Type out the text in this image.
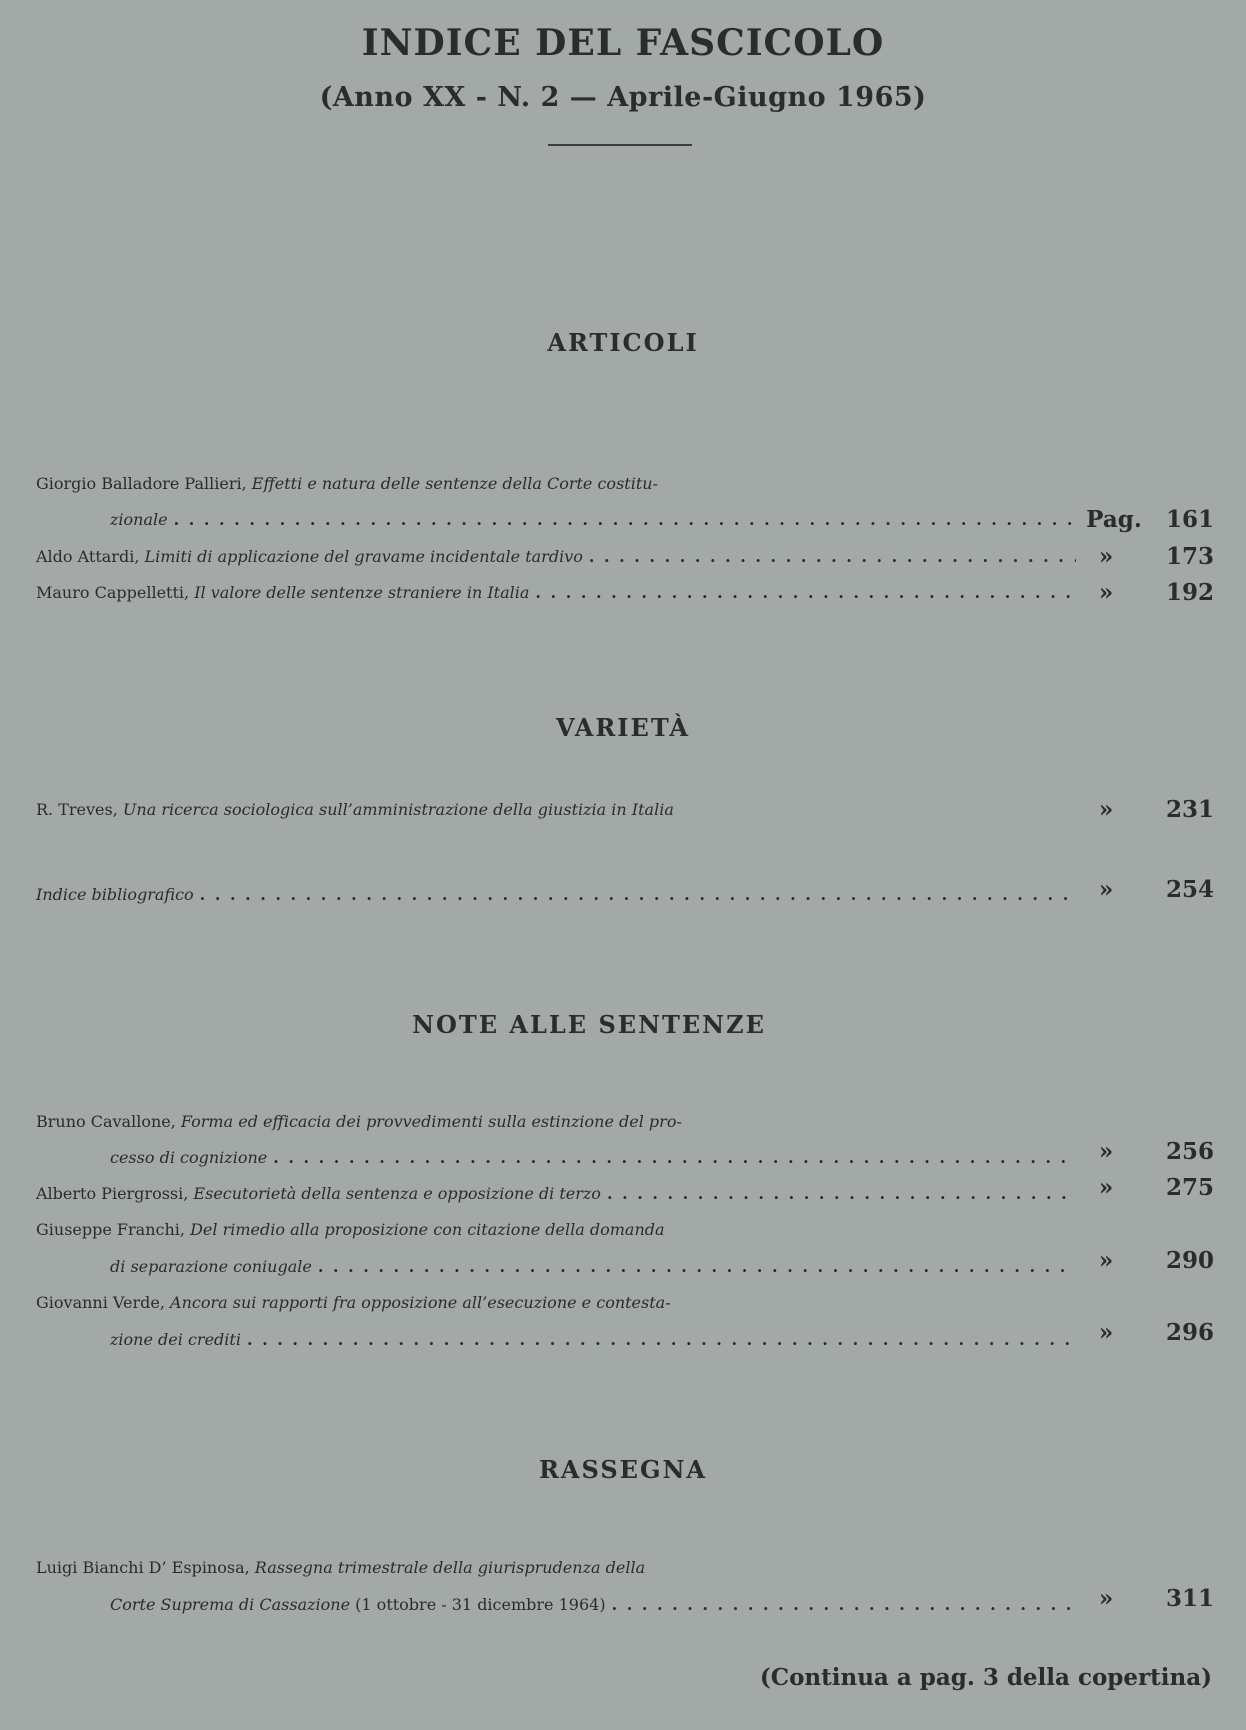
INDICE DEL FASCICOLO
(Anno XX - N. 2 — Aprile-Giugno 1965)
ARTICOLI
Giorgio Balladore Pallieri, Effetti e natura delle sentenze della Corte costitu-
zionale . . .	Pag.	161
Aldo Attardi, Limiti di applicazione del gravame incidentale tardivo . . .	»	173
Mauro Cappelletti, Il valore delle sentenze straniere in Italia . . .	»	192
VARIETÀ
R. Treves, Una ricerca sociologica sull’amministrazione della giustizia in Italia	»	231
Indice bibliografico . . .	»	254
NOTE ALLE SENTENZE
Bruno Cavallone, Forma ed efficacia dei provvedimenti sulla estinzione del pro-
cesso di cognizione . . .	»	256
Alberto Piergrossi, Esecutorietà della sentenza e opposizione di terzo . . .	»	275
Giuseppe Franchi, Del rimedio alla proposizione con citazione della domanda
di separazione coniugale . . .	»	290
Giovanni Verde, Ancora sui rapporti fra opposizione all’esecuzione e contesta-
zione dei crediti . . .	»	296
RASSEGNA
Luigi Bianchi D’ Espinosa, Rassegna trimestrale della giurisprudenza della
Corte Suprema di Cassazione (1 ottobre - 31 dicembre 1964) . . .	»	311
(Continua a pag. 3 della copertina)
